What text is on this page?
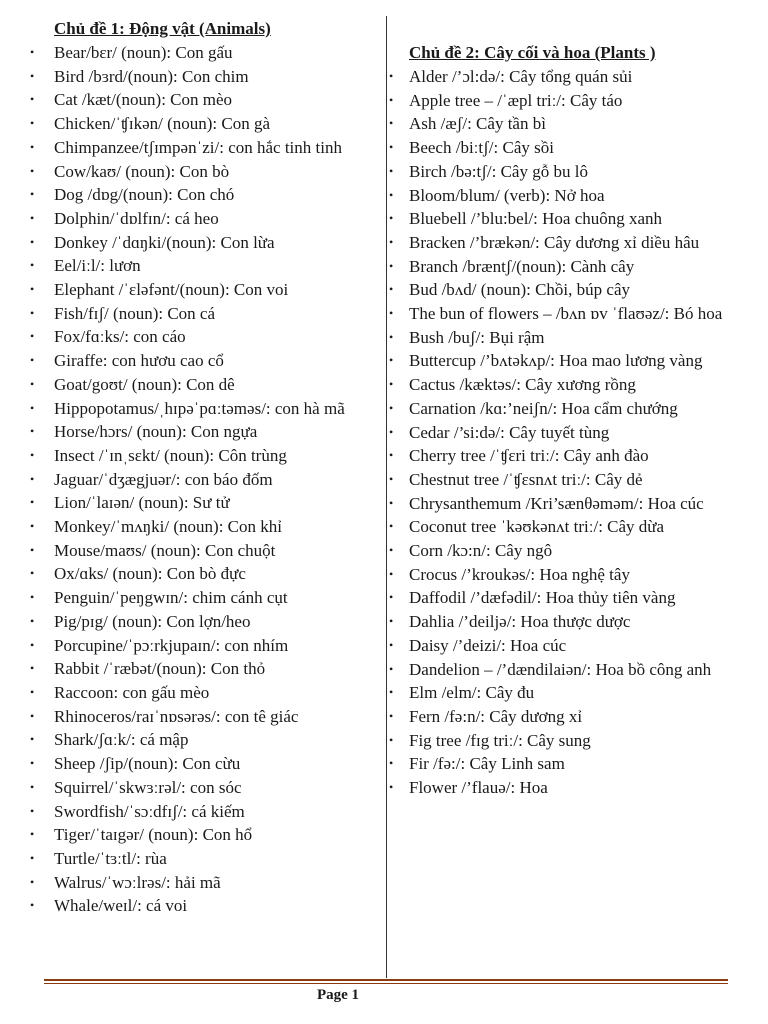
Chủ đề 1: Động vật (Animals)
• Bear/bɛr/ (noun): Con gấu
• Bird /bɜrd/(noun): Con chim
• Cat /kæt/(noun): Con mèo
• Chicken/ˈʧɪkən/ (noun): Con gà
• Chimpanzee/tʃɪmpənˈzi/: con hắc tinh tinh
• Cow/kaʊ/ (noun): Con bò
• Dog /dɒg/(noun): Con chó
• Dolphin/ˈdɒlfɪn/: cá heo
• Donkey /ˈdɑŋki/(noun): Con lừa
• Eel/iːl/: lươn
• Elephant /ˈɛləfənt/(noun): Con voi
• Fish/fɪʃ/ (noun): Con cá
• Fox/fɑːks/: con cáo
• Giraffe: con hươu cao cổ
• Goat/goʊt/ (noun): Con dê
• Hippopotamus/ˌhɪpəˈpɑːtəməs/: con hà mã
• Horse/hɔrs/ (noun): Con ngựa
• Insect /ˈɪnˌsɛkt/ (noun): Côn trùng
• Jaguar/ˈdʒægjuər/: con báo đốm
• Lion/ˈlaɪən/ (noun): Sư tử
• Monkey/ˈmʌŋki/ (noun): Con khỉ
• Mouse/maʊs/ (noun): Con chuột
• Ox/ɑks/ (noun): Con bò đực
• Penguin/ˈpeŋgwɪn/: chim cánh cụt
• Pig/pɪg/ (noun): Con lợn/heo
• Porcupine/ˈpɔːrkjupaɪn/: con nhím
• Rabbit /ˈræbət/(noun): Con thỏ
• Raccoon: con gấu mèo
• Rhinoceros/raɪˈnɒsərəs/: con tê giác
• Shark/ʃɑːk/: cá mập
• Sheep /ʃip/(noun): Con cừu
• Squirrel/ˈskwɜːrəl/: con sóc
• Swordfish/ˈsɔːdfɪʃ/: cá kiếm
• Tiger/ˈtaɪgər/ (noun): Con hổ
• Turtle/ˈtɜːtl/: rùa
• Walrus/ˈwɔːlrəs/: hải mã
• Whale/weɪl/: cá voi
Chủ đề 2: Cây cối và hoa (Plants )
• Alder /’ɔl:də/: Cây tổng quán sủi
• Apple tree – /ˈæpl triː/: Cây táo
• Ash /æʃ/: Cây tần bì
• Beech /biːtʃ/: Cây sồi
• Birch /bə:tʃ/: Cây gỗ bu lô
• Bloom/blum/ (verb): Nở hoa
• Bluebell /’blu:bel/: Hoa chuông xanh
• Bracken /’brækən/: Cây dương xỉ diều hâu
• Branch /bræntʃ/(noun): Cành cây
• Bud /bʌd/ (noun): Chồi, búp cây
• The bun of flowers – /bʌn ɒv ˈflaʊəz/: Bó hoa
• Bush /buʃ/: Bụi rậm
• Buttercup /’bʌtəkʌp/: Hoa mao lương vàng
• Cactus /kæktəs/: Cây xương rồng
• Carnation /kɑ:’neiʃn/: Hoa cẩm chướng
• Cedar /’si:də/: Cây tuyết tùng
• Cherry tree /ˈʧɛri triː/: Cây anh đào
• Chestnut tree /ˈʧɛsnʌt triː/: Cây dẻ
• Chrysanthemum /Kri’sænθəməm/: Hoa cúc
• Coconut tree ˈkəʊkənʌt triː/: Cây dừa
• Corn /kɔ:n/: Cây ngô
• Crocus /’kroukəs/: Hoa nghệ tây
• Daffodil /’dæfədil/: Hoa thủy tiên vàng
• Dahlia /’deiljə/: Hoa thược dược
• Daisy /’deizi/: Hoa cúc
• Dandelion – /’dændilaiən/: Hoa bồ công anh
• Elm /elm/: Cây đu
• Fern /fə:n/: Cây dương xỉ
• Fig tree /fɪg triː/: Cây sung
• Fir /fə:/: Cây Linh sam
• Flower /’flauə/: Hoa
Page 1
